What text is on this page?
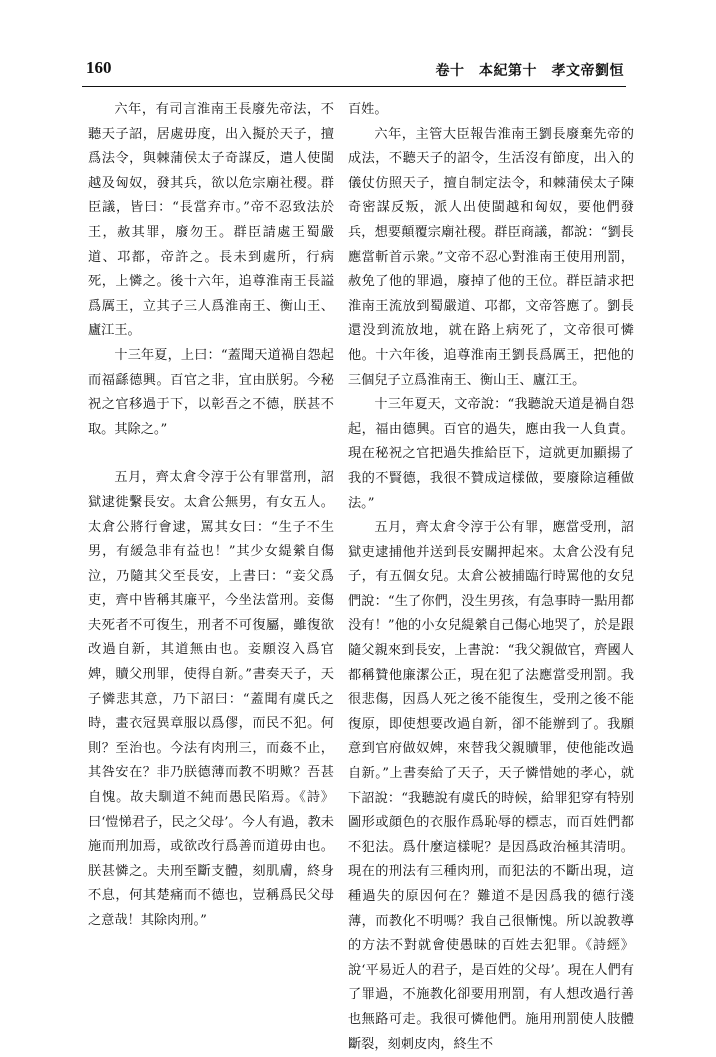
160	卷十　本紀第十　孝文帝劉恒

六年，有司言淮南王長廢先帝法，不聽天子詔，居處毋度，出入擬於天子，擅爲法令，與棘蒲侯太子奇謀反，遣人使閩越及匈奴，發其兵，欲以危宗廟社稷。群臣議，皆曰：“長當弃市。”帝不忍致法於王，赦其罪，廢勿王。群臣請處王蜀嚴道、邛都，帝許之。長未到處所，行病死，上憐之。後十六年，追尊淮南王長謚爲厲王，立其子三人爲淮南王、衡山王、廬江王。

十三年夏，上曰：“蓋聞天道禍自怨起而福繇德興。百官之非，宜由朕躬。今秘祝之官移過于下，以彰吾之不德，朕甚不取。其除之。”

五月，齊太倉令淳于公有罪當刑，詔獄逮徙繫長安。太倉公無男，有女五人。太倉公將行會逮，罵其女曰：“生子不生男，有緩急非有益也！”其少女緹縈自傷泣，乃隨其父至長安，上書曰：“妾父爲吏，齊中皆稱其廉平，今坐法當刑。妾傷夫死者不可復生，刑者不可復屬，雖復欲改過自新，其道無由也。妾願沒入爲官婢，贖父刑罪，使得自新。”書奏天子，天子憐悲其意，乃下詔曰：“蓋聞有虞氏之時，畫衣冠異章服以爲僇，而民不犯。何則？至治也。今法有肉刑三，而姦不止，其咎安在？非乃朕德薄而教不明歟？吾甚自愧。故夫馴道不純而愚民陷焉。《詩》曰‘愷悌君子，民之父母’。今人有過，教未施而刑加焉，或欲改行爲善而道毋由也。朕甚憐之。夫刑至斷支體，刻肌膚，終身不息，何其楚痛而不德也，豈稱爲民父母之意哉！其除肉刑。”

百姓。

六年，主管大臣報告淮南王劉長廢棄先帝的成法，不聽天子的詔令，生活沒有節度，出入的儀仗仿照天子，擅自制定法令，和棘蒲侯太子陳奇密謀反叛，派人出使閩越和匈奴，要他們發兵，想要顛覆宗廟社稷。群臣商議，都說：“劉長應當斬首示衆。”文帝不忍心對淮南王使用刑罰，赦免了他的罪過，廢掉了他的王位。群臣請求把淮南王流放到蜀嚴道、邛都，文帝答應了。劉長還没到流放地，就在路上病死了，文帝很可憐他。十六年後，追尊淮南王劉長爲厲王，把他的三個兒子立爲淮南王、衡山王、廬江王。

十三年夏天，文帝說：“我聽說天道是禍自怨起，福由德興。百官的過失，應由我一人負責。現在秘祝之官把過失推給臣下，這就更加顯揚了我的不賢德，我很不贊成這樣做，要廢除這種做法。”

五月，齊太倉令淳于公有罪，應當受刑，詔獄吏逮捕他并送到長安關押起來。太倉公没有兒子，有五個女兒。太倉公被捕臨行時罵他的女兒們說：“生了你們，没生男孩，有急事時一點用都没有！”他的小女兒緹縈自己傷心地哭了，於是跟隨父親來到長安，上書說：“我父親做官，齊國人都稱贊他廉潔公正，現在犯了法應當受刑罰。我很悲傷，因爲人死之後不能復生，受刑之後不能復原，即使想要改過自新，卻不能辦到了。我願意到官府做奴婢，來替我父親贖罪，使他能改過自新。”上書奏給了天子，天子憐惜她的孝心，就下詔說：“我聽說有虞氏的時候，給罪犯穿有特别圖形或顔色的衣服作爲恥辱的標志，而百姓們都不犯法。爲什麼這樣呢？是因爲政治極其清明。現在的刑法有三種肉刑，而犯法的不斷出現，這種過失的原因何在？難道不是因爲我的德行淺薄，而教化不明嗎？我自己很慚愧。所以說教導的方法不對就會使愚昧的百姓去犯罪。《詩經》說‘平易近人的君子，是百姓的父母’。現在人們有了罪過，不施教化卻要用刑罰，有人想改過行善也無路可走。我很可憐他們。施用刑罰使人肢體斷裂，刻刺皮肉，終生不
